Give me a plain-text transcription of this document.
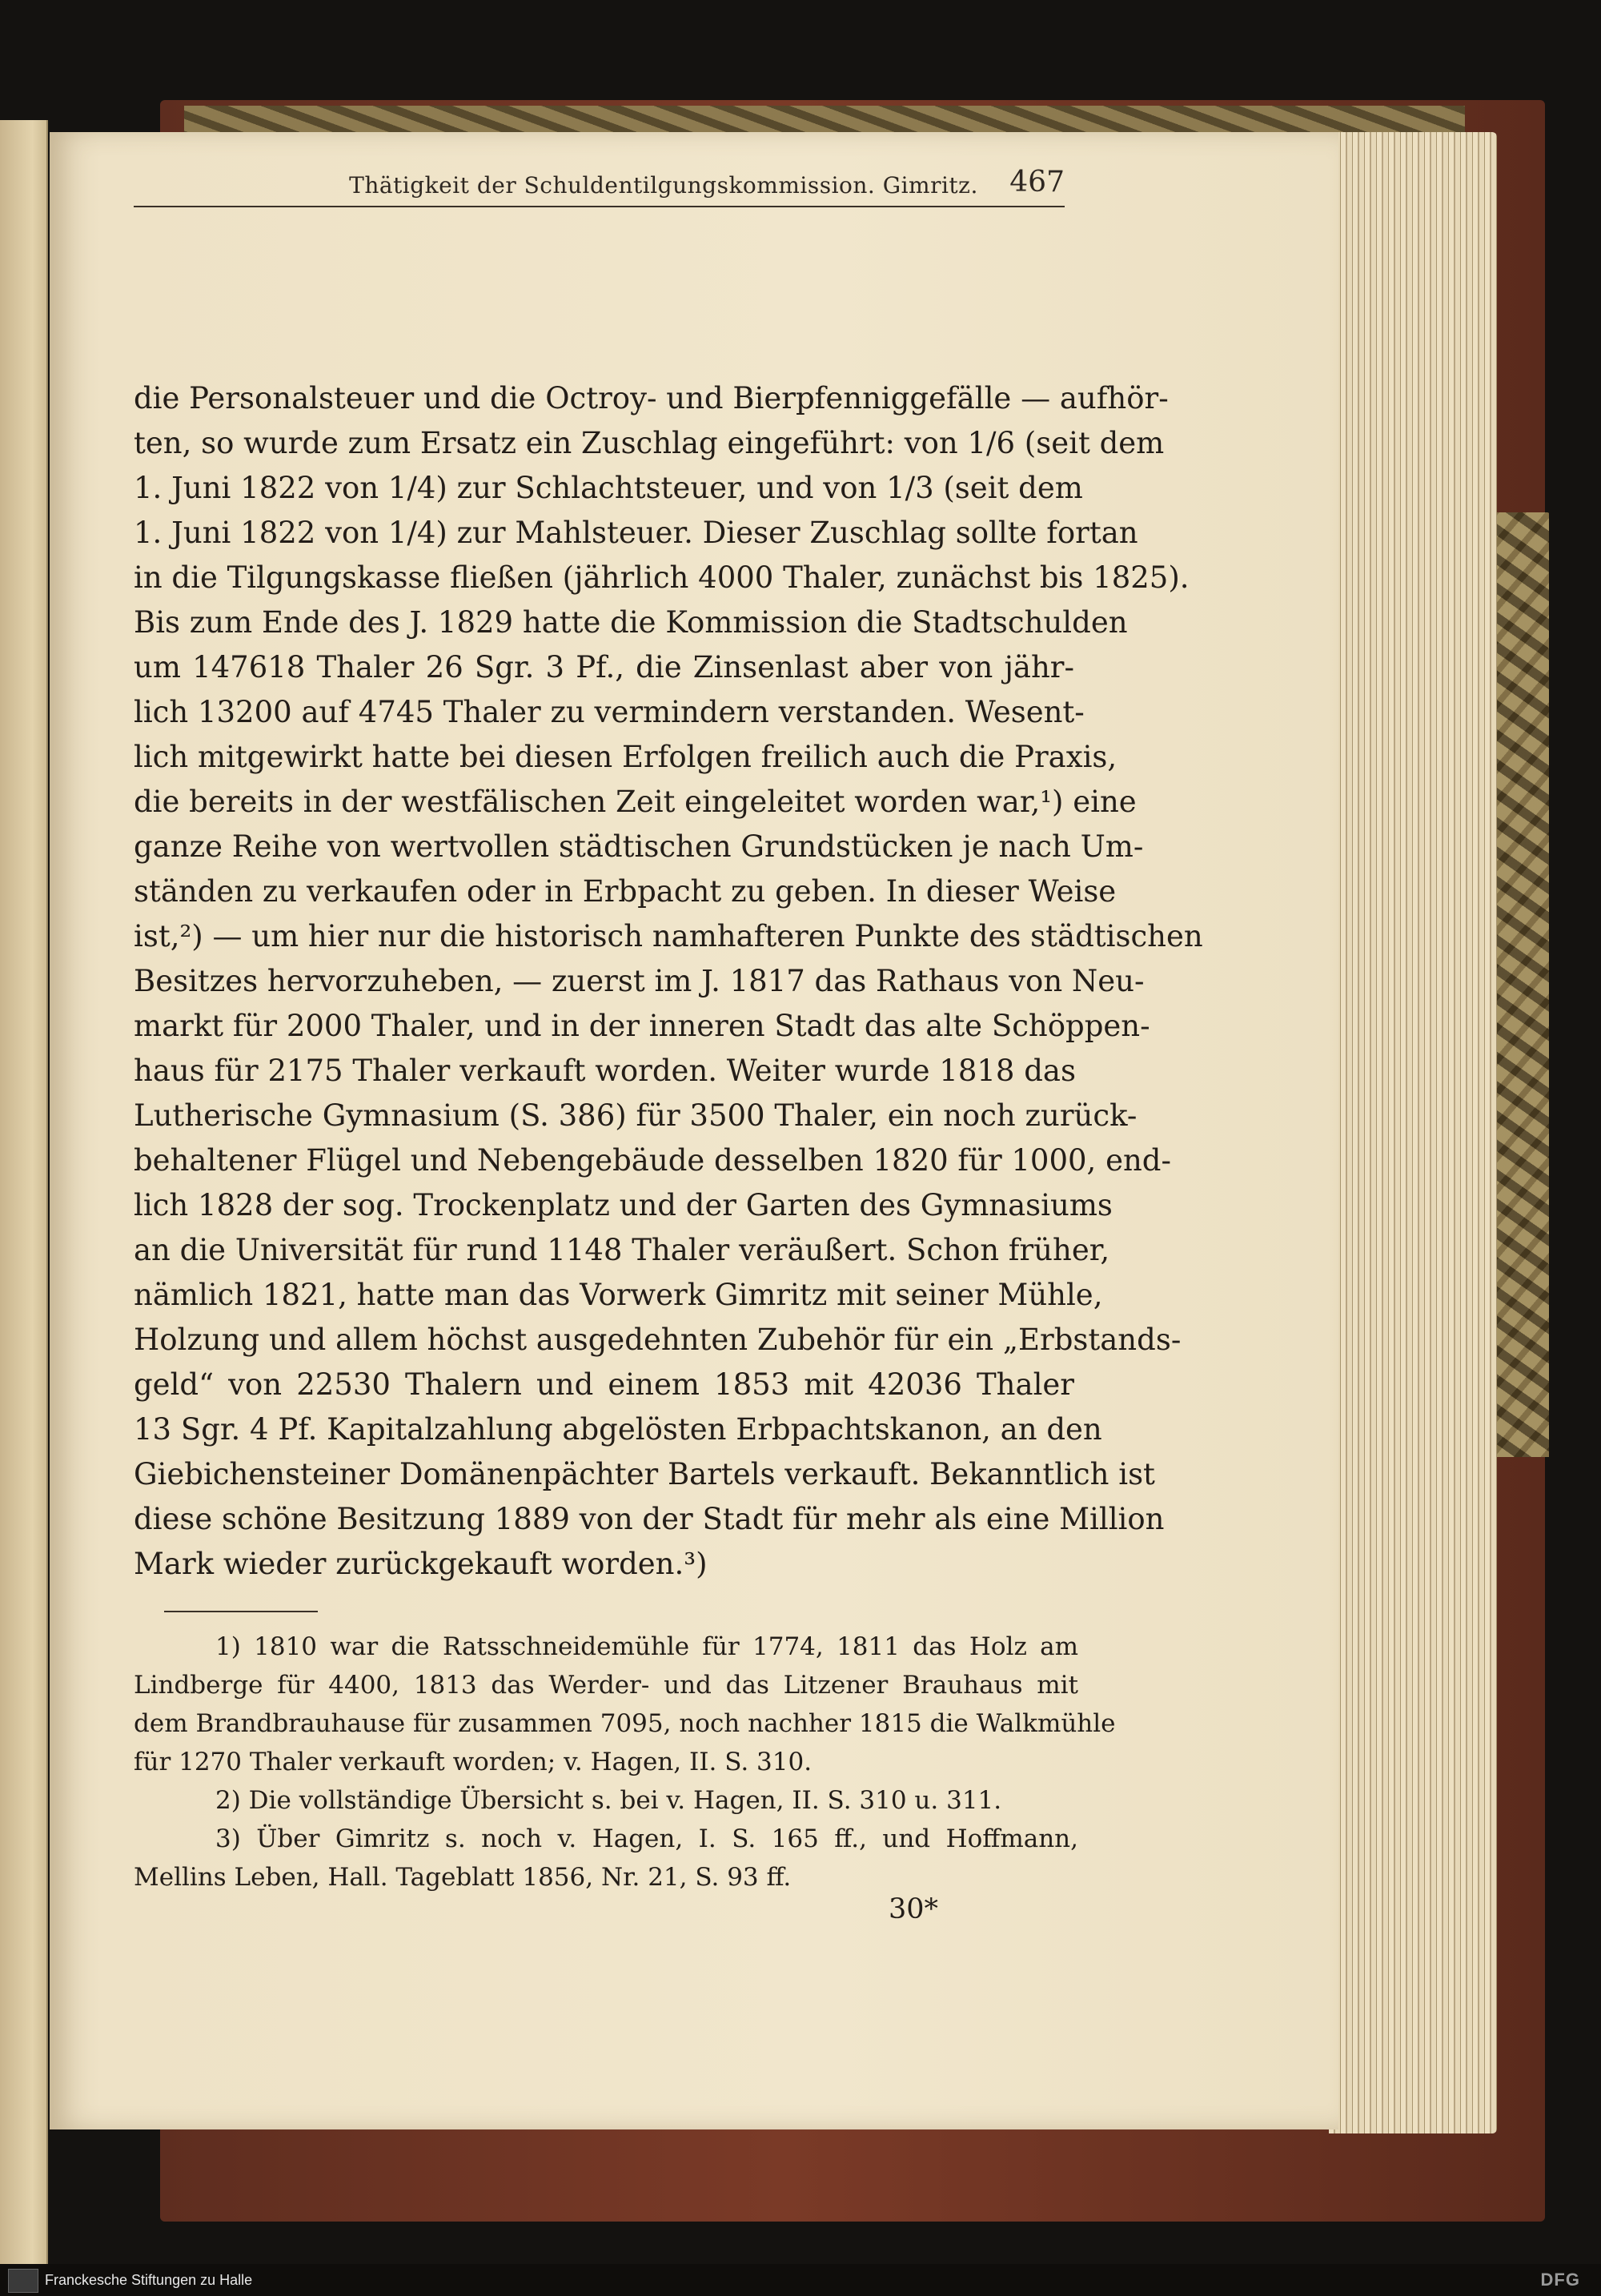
Thätigkeit der Schuldentilgungskommission. Gimritz.	467
die Personalsteuer und die Octroy- und Bierpfenniggefälle — aufhör-
ten, so wurde zum Ersatz ein Zuschlag eingeführt: von 1/6 (seit dem
1. Juni 1822 von 1/4) zur Schlachtsteuer, und von 1/3 (seit dem
1. Juni 1822 von 1/4) zur Mahlsteuer. Dieser Zuschlag sollte fortan
in die Tilgungskasse fließen (jährlich 4000 Thaler, zunächst bis 1825).
Bis zum Ende des J. 1829 hatte die Kommission die Stadtschulden
um 147618 Thaler 26 Sgr. 3 Pf., die Zinsenlast aber von jähr-
lich 13200 auf 4745 Thaler zu vermindern verstanden. Wesent-
lich mitgewirkt hatte bei diesen Erfolgen freilich auch die Praxis,
die bereits in der westfälischen Zeit eingeleitet worden war,¹) eine
ganze Reihe von wertvollen städtischen Grundstücken je nach Um-
ständen zu verkaufen oder in Erbpacht zu geben. In dieser Weise
ist,²) — um hier nur die historisch namhafteren Punkte des städtischen
Besitzes hervorzuheben, — zuerst im J. 1817 das Rathaus von Neu-
markt für 2000 Thaler, und in der inneren Stadt das alte Schöppen-
haus für 2175 Thaler verkauft worden. Weiter wurde 1818 das
Lutherische Gymnasium (S. 386) für 3500 Thaler, ein noch zurück-
behaltener Flügel und Nebengebäude desselben 1820 für 1000, end-
lich 1828 der sog. Trockenplatz und der Garten des Gymnasiums
an die Universität für rund 1148 Thaler veräußert. Schon früher,
nämlich 1821, hatte man das Vorwerk Gimritz mit seiner Mühle,
Holzung und allem höchst ausgedehnten Zubehör für ein „Erbstands-
geld“ von 22530 Thalern und einem 1853 mit 42036 Thaler
13 Sgr. 4 Pf. Kapitalzahlung abgelösten Erbpachtskanon, an den
Giebichensteiner Domänenpächter Bartels verkauft. Bekanntlich ist
diese schöne Besitzung 1889 von der Stadt für mehr als eine Million
Mark wieder zurückgekauft worden.³)
1) 1810 war die Ratsschneidemühle für 1774, 1811 das Holz am
Lindberge für 4400, 1813 das Werder- und das Litzener Brauhaus mit
dem Brandbrauhause für zusammen 7095, noch nachher 1815 die Walkmühle
für 1270 Thaler verkauft worden; v. Hagen, II. S. 310.
2) Die vollständige Übersicht s. bei v. Hagen, II. S. 310 u. 311.
3) Über Gimritz s. noch v. Hagen, I. S. 165 ff., und Hoffmann,
Mellins Leben, Hall. Tageblatt 1856, Nr. 21, S. 93 ff.
30*
Franckesche Stiftungen zu Halle	DFG
